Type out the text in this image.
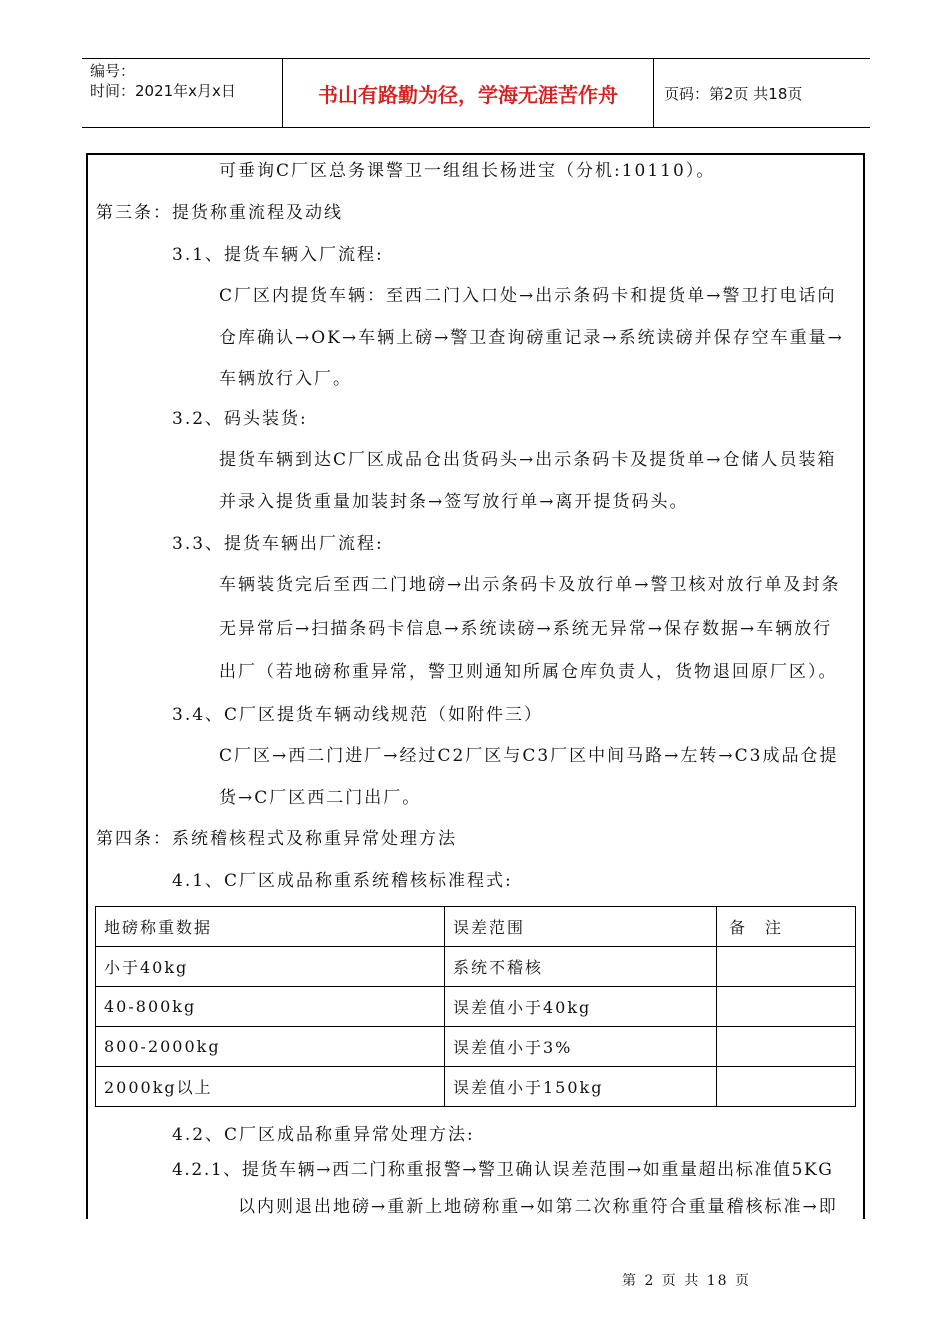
编号：
时间：2021年x月x日	书山有路勤为径，学海无涯苦作舟	页码：第2页 共18页
可垂询C厂区总务课警卫一组组长杨进宝（分机:10110）。
第三条：提货称重流程及动线
3.1、提货车辆入厂流程:
C厂区内提货车辆：至西二门入口处→出示条码卡和提货单→警卫打电话向
仓库确认→OK→车辆上磅→警卫查询磅重记录→系统读磅并保存空车重量→
车辆放行入厂。
3.2、码头装货:
提货车辆到达C厂区成品仓出货码头→出示条码卡及提货单→仓储人员装箱
并录入提货重量加装封条→签写放行单→离开提货码头。
3.3、提货车辆出厂流程:
车辆装货完后至西二门地磅→出示条码卡及放行单→警卫核对放行单及封条
无异常后→扫描条码卡信息→系统读磅→系统无异常→保存数据→车辆放行
出厂（若地磅称重异常，警卫则通知所属仓库负责人，货物退回原厂区）。
3.4、C厂区提货车辆动线规范（如附件三）
C厂区→西二门进厂→经过C2厂区与C3厂区中间马路→左转→C3成品仓提
货→C厂区西二门出厂。
第四条：系统稽核程式及称重异常处理方法
4.1、C厂区成品称重系统稽核标准程式:
地磅称重数据	误差范围	备　注
小于40kg	系统不稽核	
40-800kg	误差值小于40kg	
800-2000kg	误差值小于3%	
2000kg以上	误差值小于150kg	
4.2、C厂区成品称重异常处理方法:
4.2.1、提货车辆→西二门称重报警→警卫确认误差范围→如重量超出标准值5KG
以内则退出地磅→重新上地磅称重→如第二次称重符合重量稽核标准→即
第 2 页 共 18 页
